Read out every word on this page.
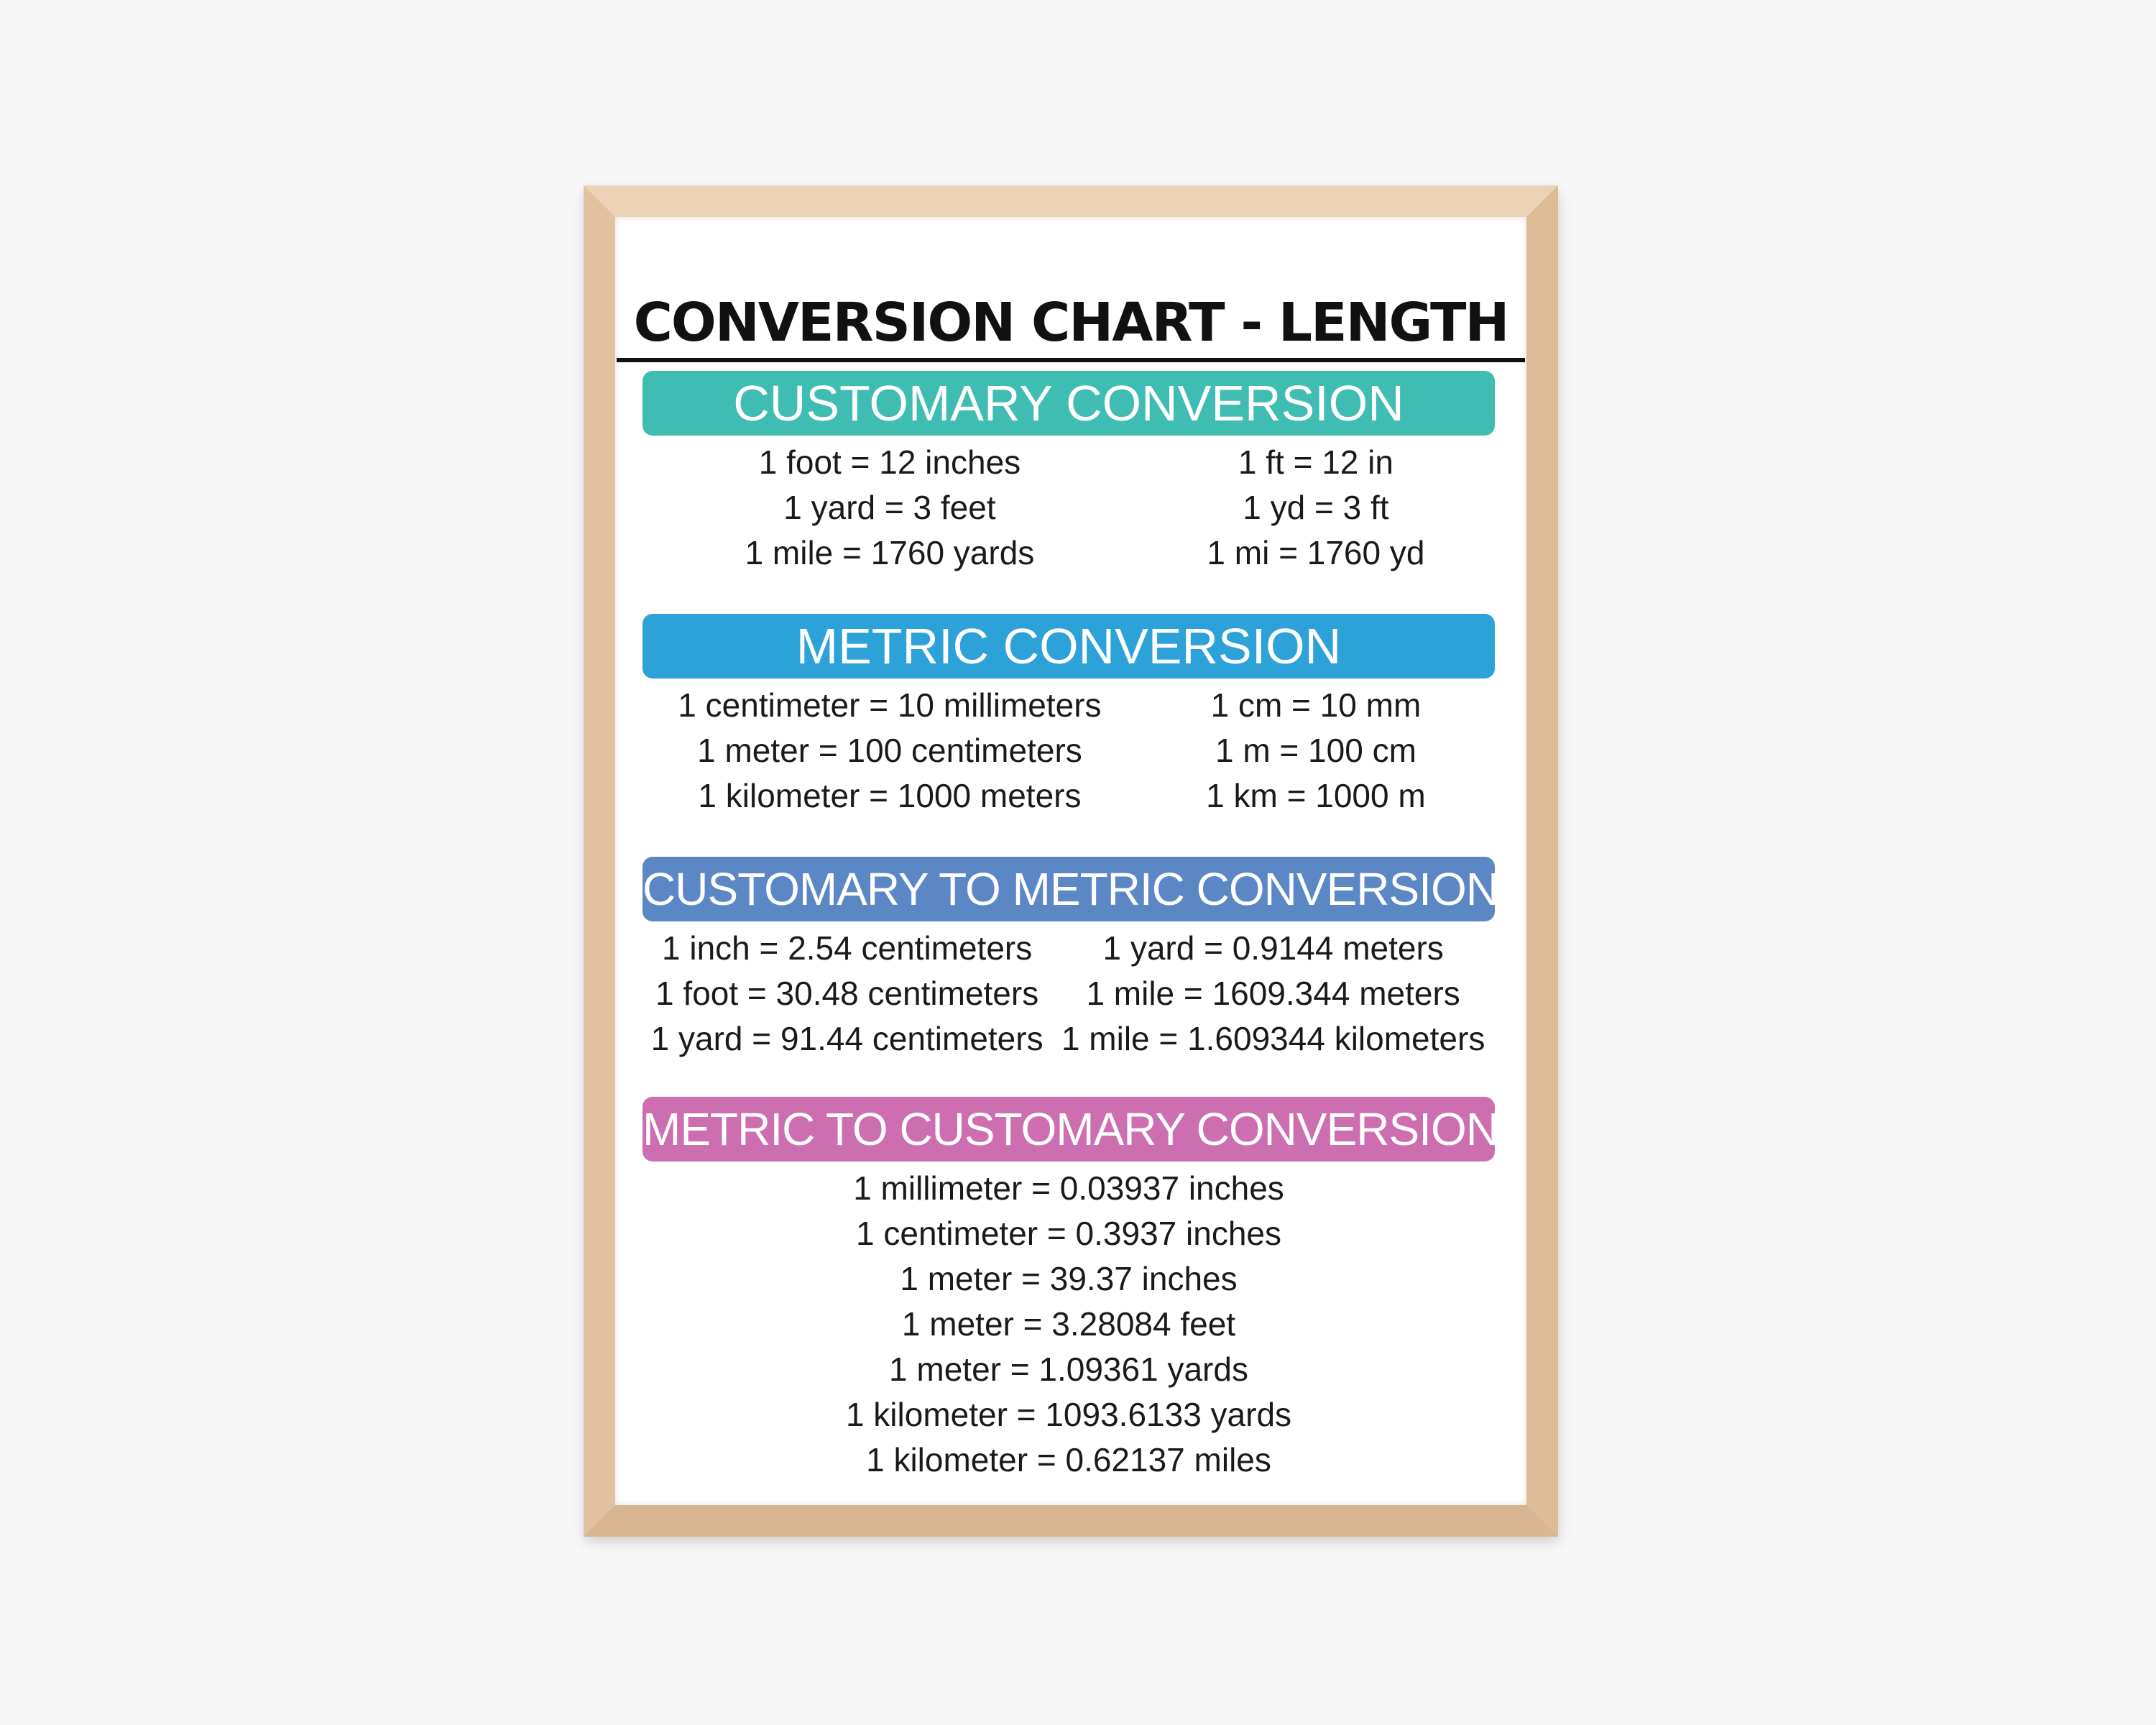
CONVERSION CHART - LENGTH
CUSTOMARY CONVERSION
1 foot = 12 inches	1 ft = 12 in
1 yard = 3 feet	1 yd = 3 ft
1 mile = 1760 yards	1 mi = 1760 yd
METRIC CONVERSION
1 centimeter = 10 millimeters	1 cm = 10 mm
1 meter = 100 centimeters	1 m = 100 cm
1 kilometer = 1000 meters	1 km = 1000 m
CUSTOMARY TO METRIC CONVERSION
1 inch = 2.54 centimeters	1 yard = 0.9144 meters
1 foot = 30.48 centimeters	1 mile = 1609.344 meters
1 yard = 91.44 centimeters 1 mile = 1.609344 kilometers
METRIC TO CUSTOMARY CONVERSION
1 millimeter = 0.03937 inches
1 centimeter = 0.3937 inches
1 meter = 39.37 inches
1 meter = 3.28084 feet
1 meter = 1.09361 yards
1 kilometer = 1093.6133 yards
1 kilometer = 0.62137 miles
